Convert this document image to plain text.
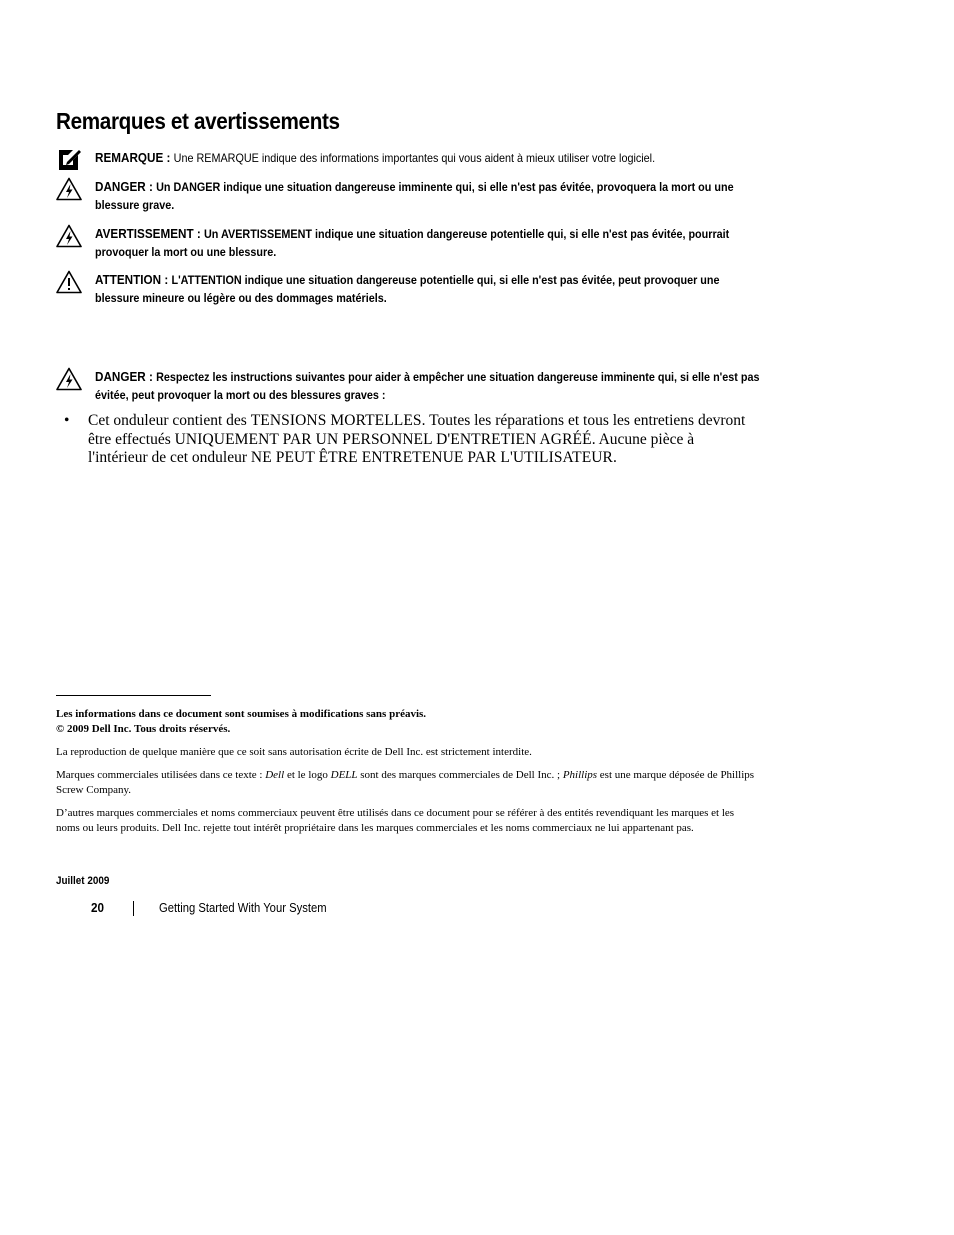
Remarques et avertissements
REMARQUE : Une REMARQUE indique des informations importantes qui vous aident à mieux utiliser votre logiciel.
DANGER : Un DANGER indique une situation dangereuse imminente qui, si elle n'est pas évitée, provoquera la mort ou une blessure grave.
AVERTISSEMENT : Un AVERTISSEMENT indique une situation dangereuse potentielle qui, si elle n'est pas évitée, pourrait provoquer la mort ou une blessure.
ATTENTION : L'ATTENTION indique une situation dangereuse potentielle qui, si elle n'est pas évitée, peut provoquer une blessure mineure ou légère ou des dommages matériels.
DANGER : Respectez les instructions suivantes pour aider à empêcher une situation dangereuse imminente qui, si elle n'est pas évitée, peut provoquer la mort ou des blessures graves :
• Cet onduleur contient des TENSIONS MORTELLES. Toutes les réparations et tous les entretiens devront être effectués UNIQUEMENT PAR UN PERSONNEL D'ENTRETIEN AGRÉÉ. Aucune pièce à l'intérieur de cet onduleur NE PEUT ÊTRE ENTRETENUE PAR L'UTILISATEUR.
Les informations dans ce document sont soumises à modifications sans préavis.
© 2009 Dell Inc. Tous droits réservés.
La reproduction de quelque manière que ce soit sans autorisation écrite de Dell Inc. est strictement interdite.
Marques commerciales utilisées dans ce texte : Dell et le logo DELL sont des marques commerciales de Dell Inc. ; Phillips est une marque déposée de Phillips Screw Company.
D’autres marques commerciales et noms commerciaux peuvent être utilisés dans ce document pour se référer à des entités revendiquant les marques et les noms ou leurs produits. Dell Inc. rejette tout intérêt propriétaire dans les marques commerciales et les noms commerciaux ne lui appartenant pas.
Juillet 2009
20	Getting Started With Your System
